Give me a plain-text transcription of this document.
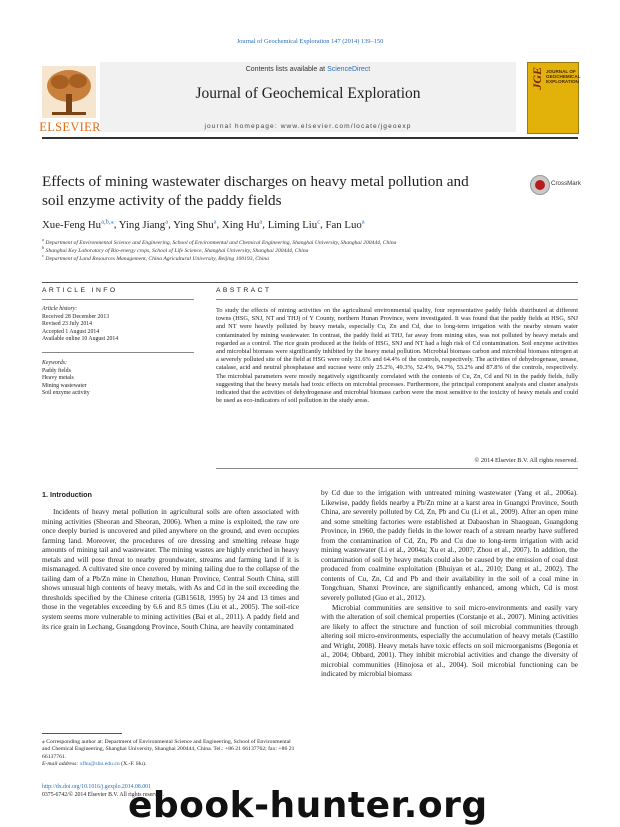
Journal of Geochemical Exploration 147 (2014) 139–150
Contents lists available at ScienceDirect
Journal of Geochemical Exploration
journal homepage: www.elsevier.com/locate/jgeoexp
ELSEVIER
JGE JOURNAL OF GEOCHEMICAL EXPLORATION
Effects of mining wastewater discharges on heavy metal pollution and
soil enzyme activity of the paddy fields
CrossMark
Xue-Feng $Hu^{a,b,⁎}$, Ying Jiang$^a$, Ying Shu$^a$, Xing Hu$^a$, Liming Liu$^c$, Fan Luo$^a$
$^a$ Department of Environmental Science and Engineering, School of Environmental and Chemical Engineering, Shanghai University, Shanghai 200444, China
$^b$ Shanghai Key Laboratory of Bio-energy crops, School of Life Science, Shanghai University, Shanghai 200444, China
$^c$ Department of Land Resources Management, China Agricultural University, Beijing 100193, China
ARTICLE INFO
Article history:
Received 28 December 2013
Revised 23 July 2014
Accepted 1 August 2014
Available online 10 August 2014
Keywords:
Paddy fields
Heavy metals
Mining wastewater
Soil enzyme activity
ABSTRACT
To study the effects of mining activities on the agricultural environmental quality, four representative paddy fields distributed at different towns (HSG, SNJ, NT and THJ) of Y County, northern Hunan Province, were investigated. It was found that the paddy fields at HSG, SNJ and NT were heavily polluted by heavy metals, especially Cu, Zn and Cd, due to long-term irrigation with the nearby stream water contaminated by mining wastewater. In contrast, the paddy field at THJ, far away from mining sites, was not polluted by heavy metals and regarded as a control. The rice grain produced at the fields of HSG, SNJ and NT had a high risk of Cd contamination. Soil enzyme activities and microbial biomass were significantly inhibited by the heavy metal pollution. Microbial biomass carbon and microbial biomass nitrogen at a severely polluted site of the field at HSG were only 31.6% and 64.4% of the controls, respectively. The activities of dehydrogenase, urease, catalase, acid and neutral phosphatase and sucrase were only 25.2%, 49.3%, 52.4%, 94.7%, 53.2% and 87.8% of the controls, respectively. The microbial parameters were mostly negatively significantly correlated with the contents of Cu, Zn, Cd and Ni in the paddy fields, fully suggesting that the heavy metals had toxic effects on microbial processes. Furthermore, the principal component analysis and cluster analysis indicated that the activities of dehydrogenase and microbial biomass carbon were the most sensitive to the toxicity of heavy metals and could be used as eco-indicators of soil pollution in the study areas.
© 2014 Elsevier B.V. All rights reserved.
1. Introduction

Incidents of heavy metal pollution in agricultural soils are often associated with mining activities (Sheoran and Sheoran, 2006). When a mine is exploited, the raw ore once deeply buried is uncovered and piled anywhere on the ground, and even occupies farming land. Moreover, the procedures of ore dressing and smelting release huge amounts of mining tail and wastewater. The mining wastes are highly enriched in heavy metals and will pose threat to nearby groundwater, streams and farming land if it is mismanaged. A cultivated site once covered by mining tailing due to the collapse of the tailing dam of a Pb/Zn mine in Chenzhou, Hunan Province, Central South China, still shows unusual high contents of heavy metals, with As and Cd in the soil exceeding the thresholds specified by the Chinese criteria (GB15618, 1995) by 24 and 13 times and those in the vegetables exceeding by 6.6 and 8.5 times (Liu et al., 2005). The soil-rice system seems more vulnerable to mining activities (Bai et al., 2011). A paddy field and its rice grain in Lechang, Guangdong Province, South China, are heavily contaminated

by Cd due to the irrigation with untreated mining wastewater (Yang et al., 2006a). Likewise, paddy fields nearby a Pb/Zn mine at a karst area in Guangxi Province, South China, are severely polluted by Cd, Zn, Pb and Cu (Li et al., 2009). After an open mine and some smelting factories were established at Dabaoshan in Shaoguan, Guangdong Province, in 1960, the paddy fields in the lower reach of a stream nearby have suffered from the contamination of Cd, Zn, Pb and Cu due to long-term irrigation with acid mining wastewater (Li et al., 2004a; Xu et al., 2007; Zhou et al., 2007). In addition, the contamination of soil by heavy metals could also be caused by the emission of coal dust produced from coalmine exploitation (Bhuiyan et al., 2010; Dang et al., 2002). The contents of Cu, Zn, Cd and Pb and their availability in the soil of a coal mine in Tongchuan, Shanxi Province, are significantly enhanced, among which, Cd is most severely polluted (Guo et al., 2012).

Microbial communities are sensitive to soil micro-environments and easily vary with the alteration of soil chemical properties (Corstanje et al., 2007). Mining activities are likely to affect the structure and function of soil microbial communities through altering soil micro-environments, especially the accumulation of heavy metals (Castillo and Wright, 2008). Heavy metals have toxic effects on soil microorganisms (Begonia et al., 2004; Obbard, 2001). They inhibit microbial activities and change the diversity of microbial communities (Hinojosa et al., 2004). Soil microbial functioning can be indicated by microbial biomass

⁎ Corresponding author at: Department of Environmental Science and Engineering, School of Environmental and Chemical Engineering, Shanghai University, Shanghai 200444, China. Tel.: +86 21 66137762; fax: +86 21 66137761.
E-mail address: xfhu@shu.edu.cn (X.-F. Hu).
http://dx.doi.org/10.1016/j.gexplo.2014.08.001
0375-6742/© 2014 Elsevier B.V. All rights reserved.
ebook-hunter.org
